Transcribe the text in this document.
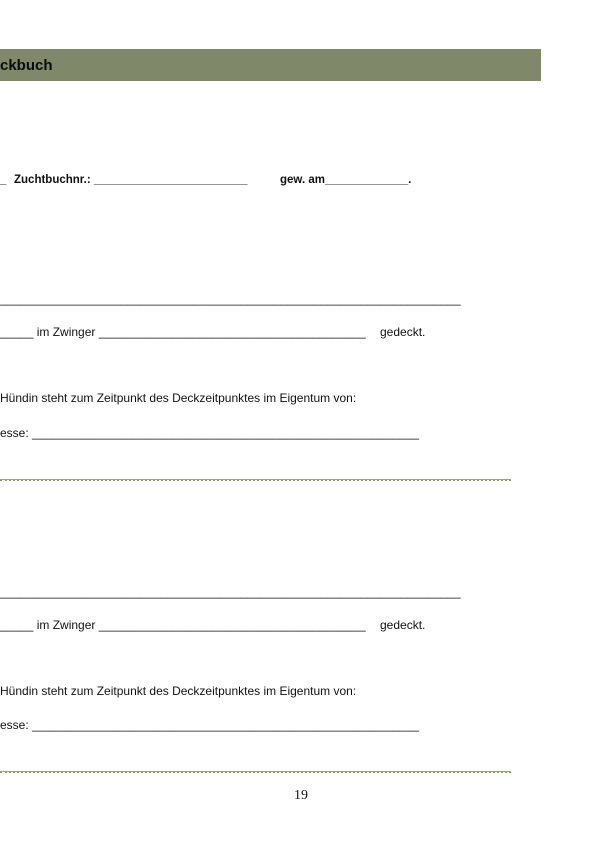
ckbuch
_ Zuchtbuchnr.: ________________________	gew. am_____________.
_____________________________________________________________________
_____ im Zwinger ________________________________________ gedeckt.
Hündin steht zum Zeitpunkt des Deckzeitpunktes im Eigentum von:
esse: __________________________________________________________
_____________________________________________________________________
_____ im Zwinger ________________________________________ gedeckt.
Hündin steht zum Zeitpunkt des Deckzeitpunktes im Eigentum von:
esse: __________________________________________________________
19
